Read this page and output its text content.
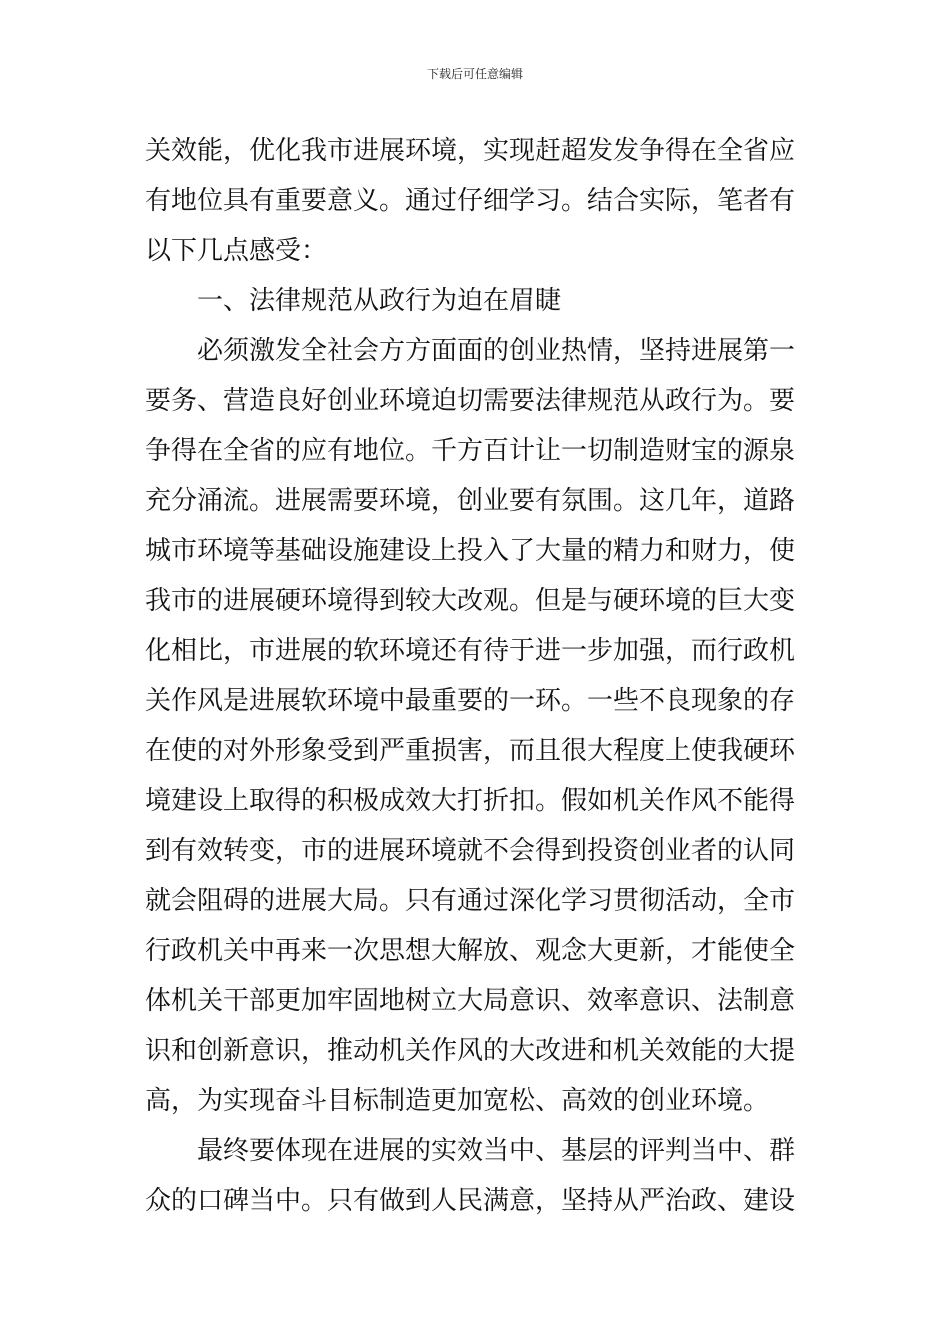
下载后可任意编辑
关效能，优化我市进展环境，实现赶超发发争得在全省应
有地位具有重要意义。通过仔细学习。结合实际，笔者有
以下几点感受：
一、法律规范从政行为迫在眉睫
必须激发全社会方方面面的创业热情，坚持进展第一
要务、营造良好创业环境迫切需要法律规范从政行为。要
争得在全省的应有地位。千方百计让一切制造财宝的源泉
充分涌流。进展需要环境，创业要有氛围。这几年，道路
城市环境等基础设施建设上投入了大量的精力和财力，使
我市的进展硬环境得到较大改观。但是与硬环境的巨大变
化相比，市进展的软环境还有待于进一步加强，而行政机
关作风是进展软环境中最重要的一环。一些不良现象的存
在使的对外形象受到严重损害，而且很大程度上使我硬环
境建设上取得的积极成效大打折扣。假如机关作风不能得
到有效转变，市的进展环境就不会得到投资创业者的认同
就会阻碍的进展大局。只有通过深化学习贯彻活动，全市
行政机关中再来一次思想大解放、观念大更新，才能使全
体机关干部更加牢固地树立大局意识、效率意识、法制意
识和创新意识，推动机关作风的大改进和机关效能的大提
高，为实现奋斗目标制造更加宽松、高效的创业环境。
最终要体现在进展的实效当中、基层的评判当中、群
众的口碑当中。只有做到人民满意，坚持从严治政、建设
